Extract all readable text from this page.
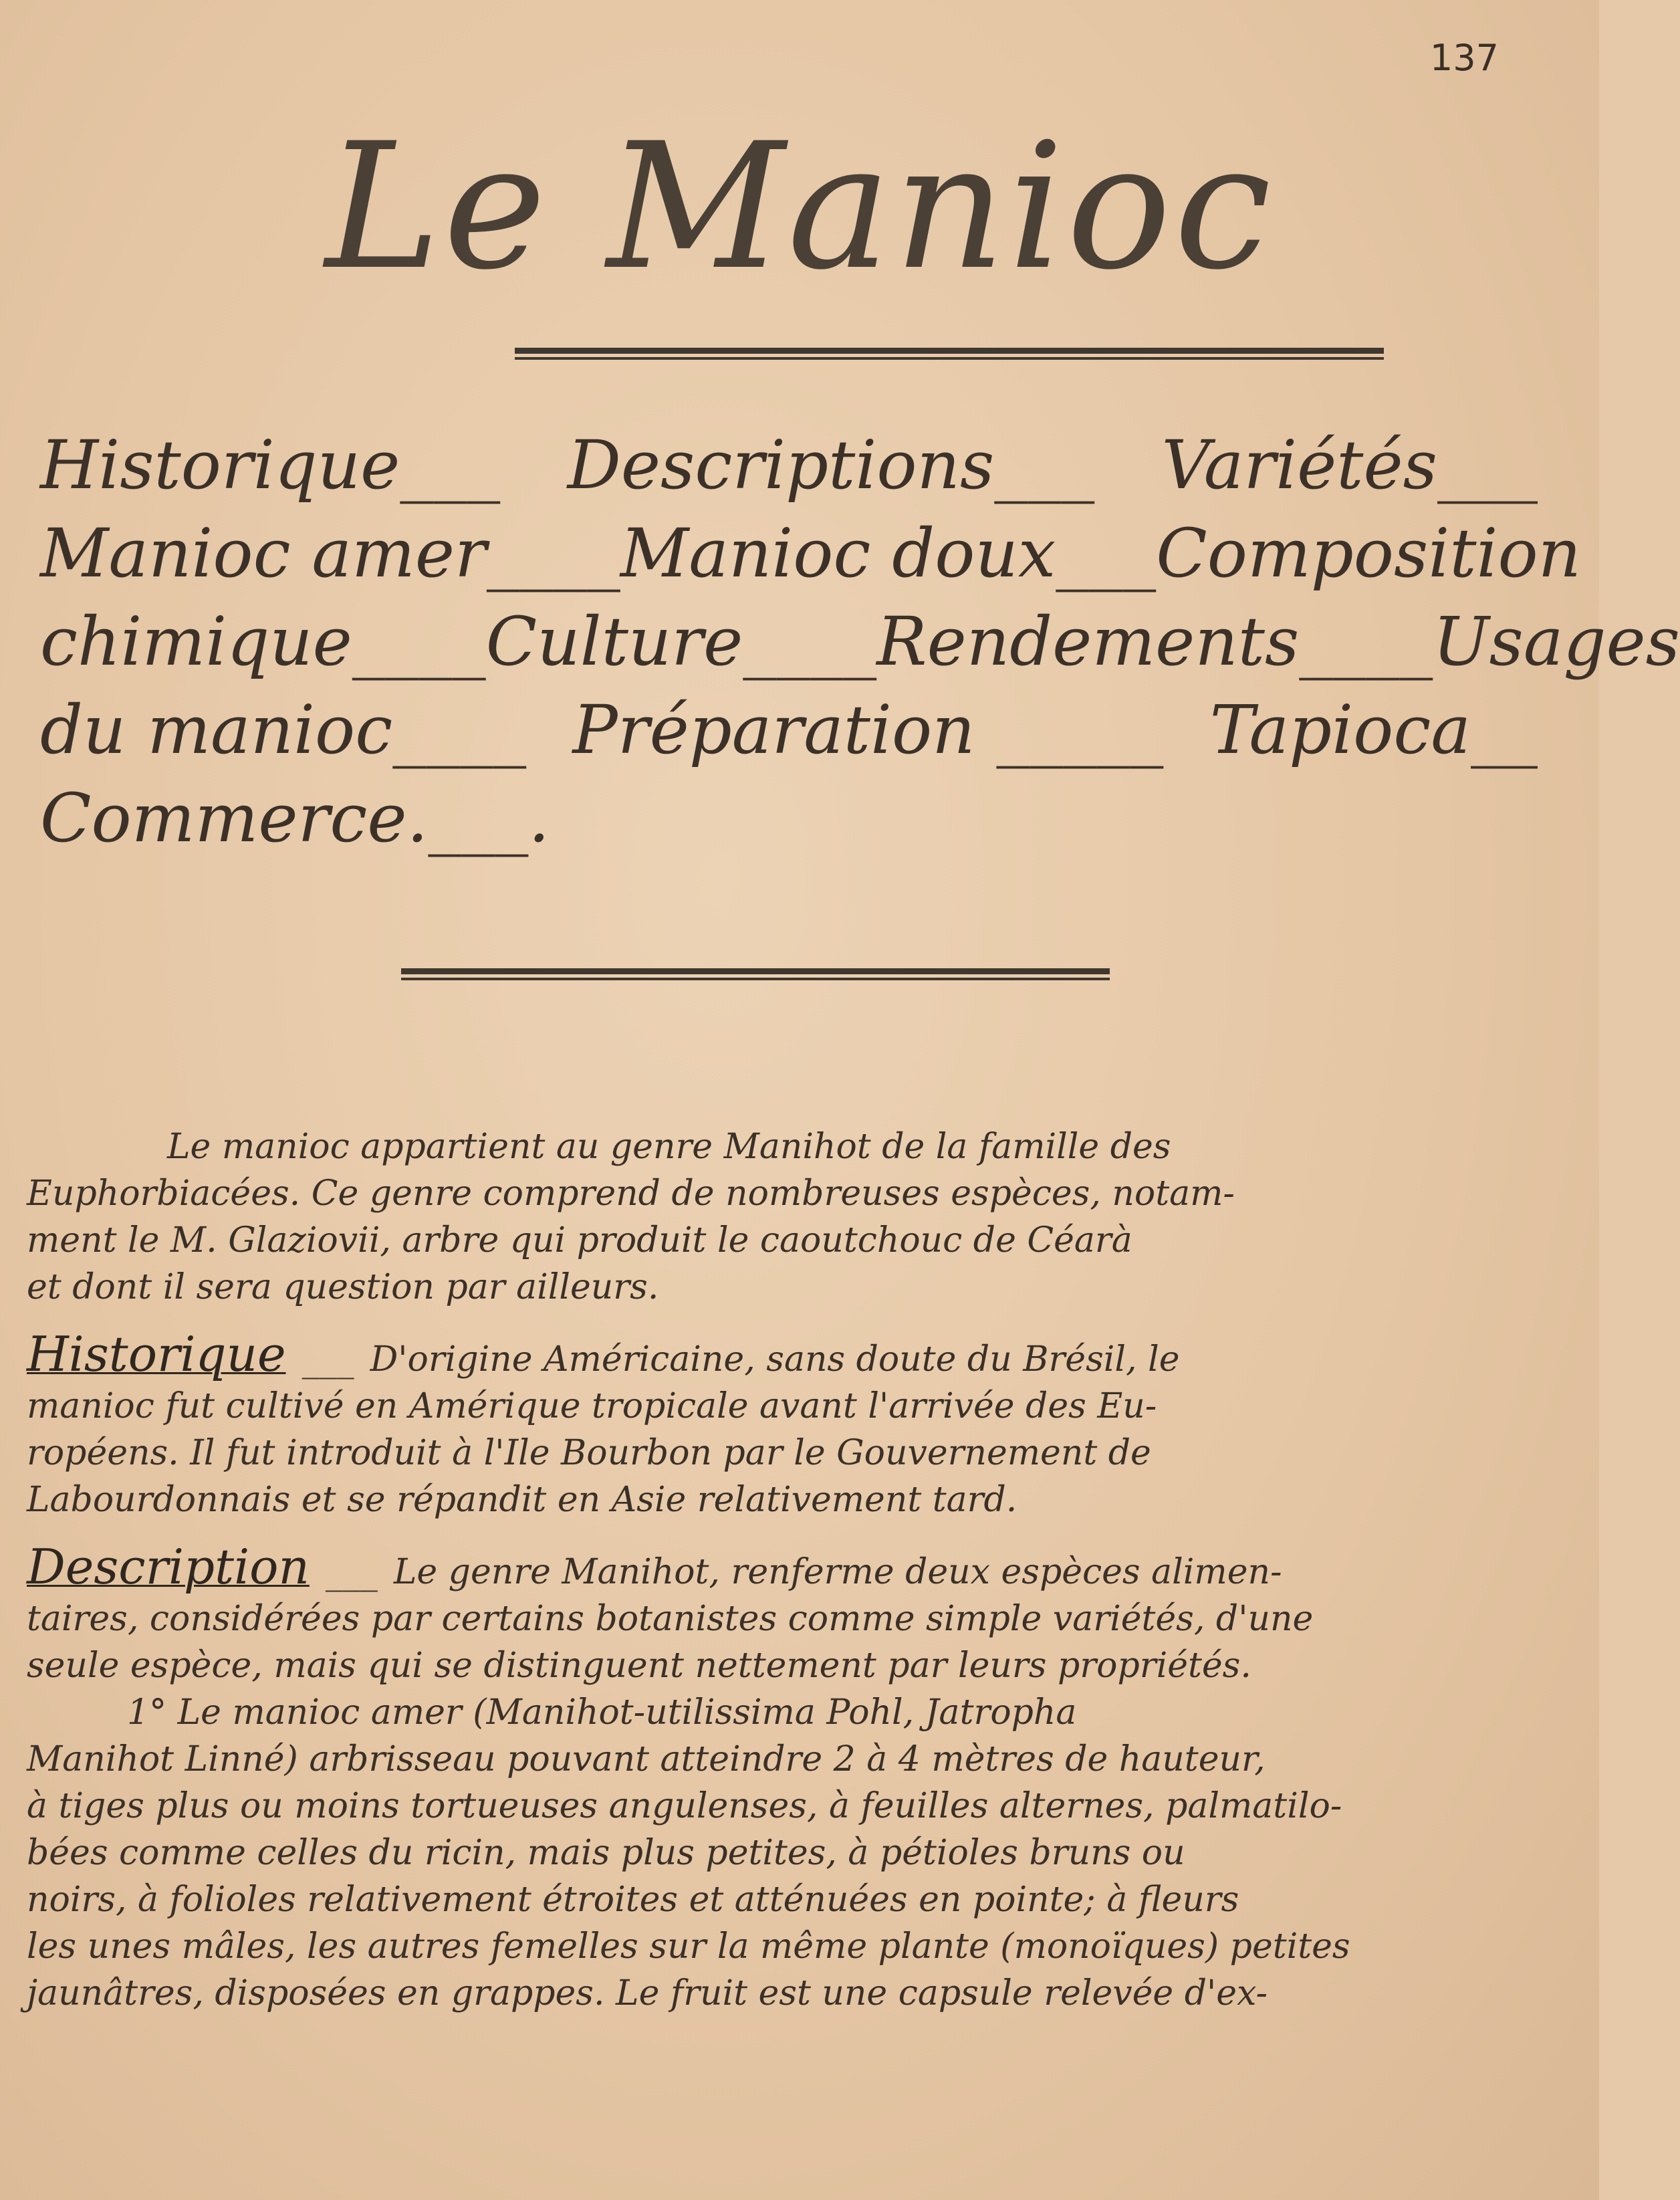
137
Le Manioc
Historique___ Descriptions___ Variétés___
Manioc amer____ Manioc doux___ Composition
chimique____ Culture____ Rendements____ Usages
du manioc____ Préparation _____ Tapioca__
Commerce.___.
Le manioc appartient au genre Manihot de la famille des
Euphorbiacées. Ce genre comprend de nombreuses espèces, notam-
ment le M. Glaziovii, arbre qui produit le caoutchouc de Céarà
et dont il sera question par ailleurs.
Historique ___ D'origine Américaine, sans doute du Brésil, le
manioc fut cultivé en Amérique tropicale avant l'arrivée des Eu-
ropéens. Il fut introduit à l'Ile Bourbon par le Gouvernement de
Labourdonnais et se répandit en Asie relativement tard.
Description ___ Le genre Manihot, renferme deux espèces alimen-
taires, considérées par certains botanistes comme simple variétés, d'une
seule espèce, mais qui se distinguent nettement par leurs propriétés.
1° Le manioc amer (Manihot-utilissima Pohl, Jatropha
Manihot Linné) arbrisseau pouvant atteindre 2 à 4 mètres de hauteur,
à tiges plus ou moins tortueuses angulenses, à feuilles alternes, palmatilo-
bées comme celles du ricin, mais plus petites, à pétioles bruns ou
noirs, à folioles relativement étroites et atténuées en pointe; à fleurs
les unes mâles, les autres femelles sur la même plante (monoïques) petites
jaunâtres, disposées en grappes. Le fruit est une capsule relevée d'ex-
